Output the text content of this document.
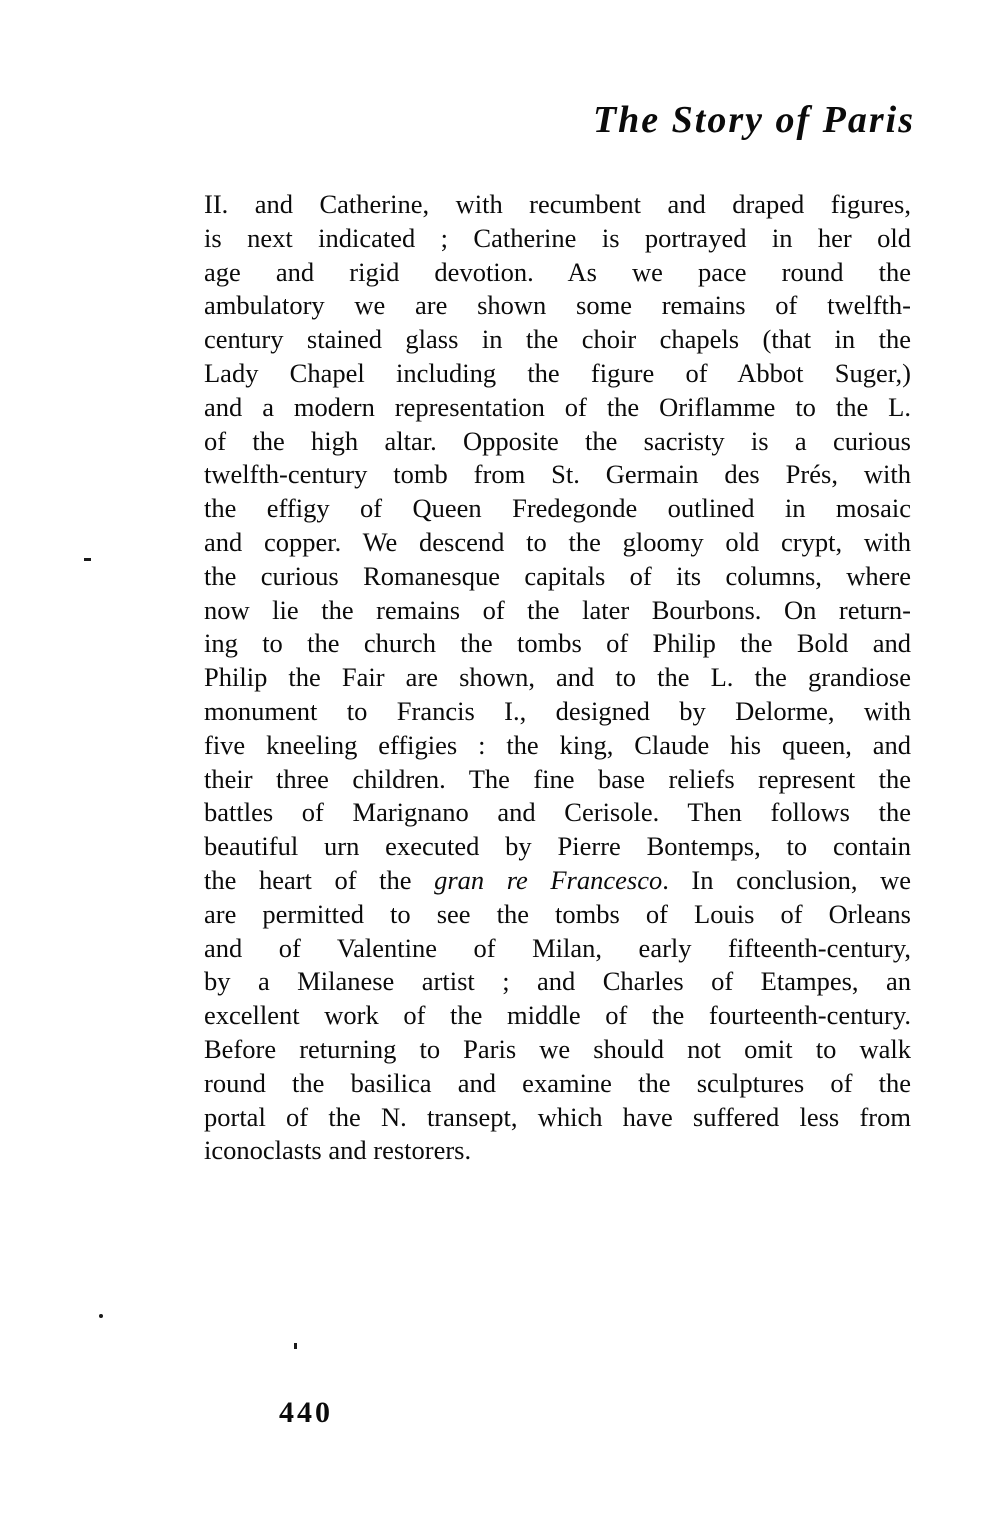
The Story of Paris
II. and Catherine, with recumbent and draped figures,
is next indicated ; Catherine is portrayed in her old
age and rigid devotion. As we pace round the
ambulatory we are shown some remains of twelfth-
century stained glass in the choir chapels (that in the
Lady Chapel including the figure of Abbot Suger,)
and a modern representation of the Oriflamme to the L.
of the high altar. Opposite the sacristy is a curious
twelfth-century tomb from St. Germain des Prés, with
the effigy of Queen Fredegonde outlined in mosaic
and copper. We descend to the gloomy old crypt, with
the curious Romanesque capitals of its columns, where
now lie the remains of the later Bourbons. On return-
ing to the church the tombs of Philip the Bold and
Philip the Fair are shown, and to the L. the grandiose
monument to Francis I., designed by Delorme, with
five kneeling effigies : the king, Claude his queen, and
their three children. The fine base reliefs represent the
battles of Marignano and Cerisole. Then follows the
beautiful urn executed by Pierre Bontemps, to contain
the heart of the gran re Francesco. In conclusion, we
are permitted to see the tombs of Louis of Orleans
and of Valentine of Milan, early fifteenth-century,
by a Milanese artist ; and Charles of Etampes, an
excellent work of the middle of the fourteenth-century.
Before returning to Paris we should not omit to walk
round the basilica and examine the sculptures of the
portal of the N. transept, which have suffered less from
iconoclasts and restorers.
440
